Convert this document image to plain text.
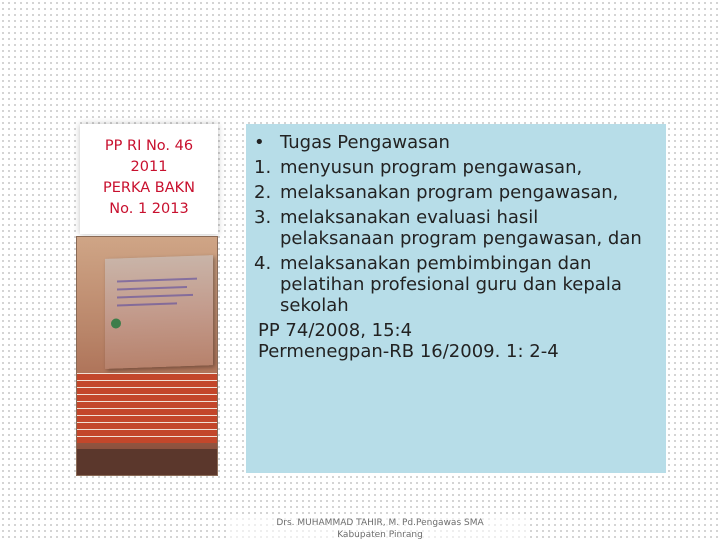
PP RI No. 46
2011
PERKA BAKN
No. 1 2013
• Tugas Pengawasan
1. menyusun program pengawasan,
2. melaksanakan program pengawasan,
3. melaksanakan evaluasi hasil pelaksanaan program pengawasan, dan
4. melaksanakan pembimbingan dan pelatihan profesional guru dan kepala sekolah
PP 74/2008, 15:4
Permenegpan-RB 16/2009. 1: 2-4
Drs. MUHAMMAD TAHIR, M. Pd.Pengawas SMA
Kabupaten Pinrang
